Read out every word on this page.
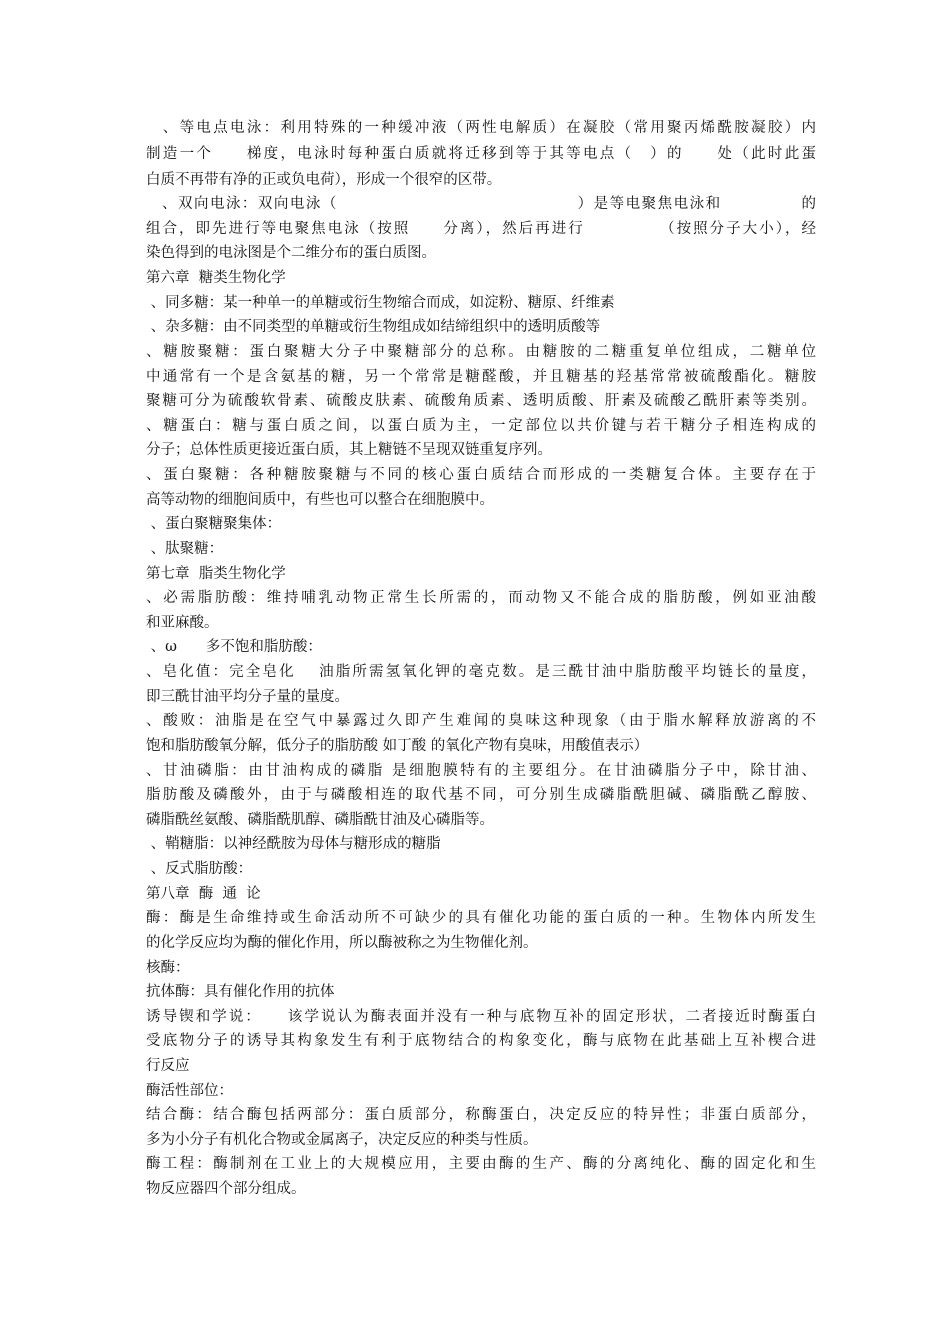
　、等电点电泳：利用特殊的一种缓冲液（两性电解质）在凝胶（常用聚丙烯酰胺凝胶）内
制造一个　　梯度，电泳时每种蛋白质就将迁移到等于其等电点（　）的　　处（此时此蛋
白质不再带有净的正或负电荷），形成一个很窄的区带。
　、双向电泳：双向电泳（　　　　　　　　　　　　　　　）是等电聚焦电泳和　　　　　的
组合，即先进行等电聚焦电泳（按照　　分离），然后再进行　　　　　（按照分子大小），经
染色得到的电泳图是个二维分布的蛋白质图。
第六章  糖类生物化学
、同多糖：某一种单一的单糖或衍生物缩合而成，如淀粉、糖原、纤维素
、杂多糖：由不同类型的单糖或衍生物组成如结缔组织中的透明质酸等
、糖胺聚糖：蛋白聚糖大分子中聚糖部分的总称。由糖胺的二糖重复单位组成，二糖单位
中通常有一个是含氨基的糖，另一个常常是糖醛酸，并且糖基的羟基常常被硫酸酯化。糖胺
聚糖可分为硫酸软骨素、硫酸皮肤素、硫酸角质素、透明质酸、肝素及硫酸乙酰肝素等类别。
、糖蛋白：糖与蛋白质之间，以蛋白质为主，一定部位以共价键与若干糖分子相连构成的
分子；总体性质更接近蛋白质，其上糖链不呈现双链重复序列。
、蛋白聚糖：各种糖胺聚糖与不同的核心蛋白质结合而形成的一类糖复合体。主要存在于
高等动物的细胞间质中，有些也可以整合在细胞膜中。
、蛋白聚糖聚集体：
、肽聚糖：
第七章  脂类生物化学
、必需脂肪酸：维持哺乳动物正常生长所需的，而动物又不能合成的脂肪酸，例如亚油酸
和亚麻酸。
、ω　　多不饱和脂肪酸：
、皂化值：完全皂化　 油脂所需氢氧化钾的毫克数。是三酰甘油中脂肪酸平均链长的量度，
即三酰甘油平均分子量的量度。
、酸败：油脂是在空气中暴露过久即产生难闻的臭味这种现象（由于脂水解释放游离的不
饱和脂肪酸氧分解，低分子的脂肪酸 如丁酸 的氧化产物有臭味，用酸值表示）
、甘油磷脂：由甘油构成的磷脂 是细胞膜特有的主要组分。在甘油磷脂分子中，除甘油、
脂肪酸及磷酸外，由于与磷酸相连的取代基不同，可分别生成磷脂酰胆碱、磷脂酰乙醇胺、
磷脂酰丝氨酸、磷脂酰肌醇、磷脂酰甘油及心磷脂等。
、鞘糖脂：以神经酰胺为母体与糖形成的糖脂
、反式脂肪酸：
第八章  酶  通  论
酶：酶是生命维持或生命活动所不可缺少的具有催化功能的蛋白质的一种。生物体内所发生
的化学反应均为酶的催化作用，所以酶被称之为生物催化剂。
核酶：
抗体酶：具有催化作用的抗体
诱导锲和学说：　　该学说认为酶表面并没有一种与底物互补的固定形状，二者接近时酶蛋白
受底物分子的诱导其构象发生有利于底物结合的构象变化，酶与底物在此基础上互补楔合进
行反应
酶活性部位：
结合酶：结合酶包括两部分：蛋白质部分，称酶蛋白，决定反应的特异性；非蛋白质部分，
多为小分子有机化合物或金属离子，决定反应的种类与性质。
酶工程：酶制剂在工业上的大规模应用，主要由酶的生产、酶的分离纯化、酶的固定化和生
物反应器四个部分组成。
